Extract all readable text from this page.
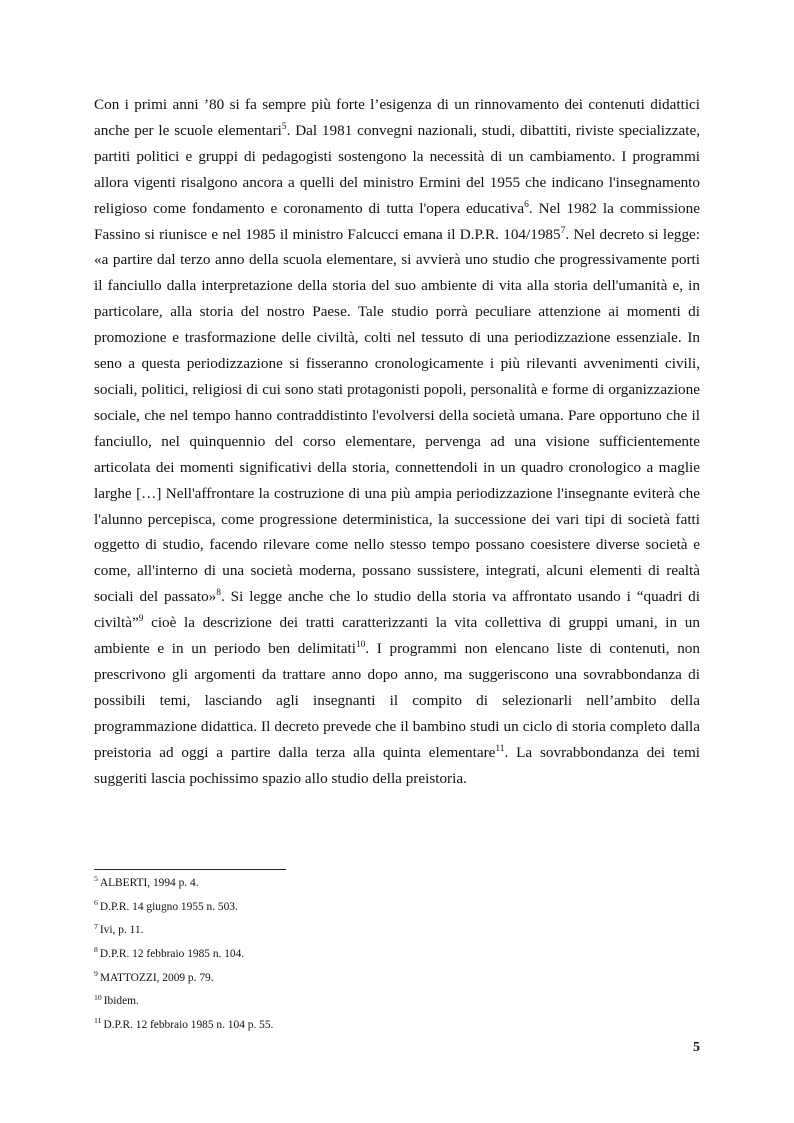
Con i primi anni ’80 si fa sempre più forte l’esigenza di un rinnovamento dei contenuti didattici anche per le scuole elementari$^5$. Dal 1981 convegni nazionali, studi, dibattiti, riviste specializzate, partiti politici e gruppi di pedagogisti sostengono la necessità di un cambiamento. I programmi allora vigenti risalgono ancora a quelli del ministro Ermini del 1955 che indicano l'insegnamento religioso come fondamento e coronamento di tutta l'opera educativa$^6$. Nel 1982 la commissione Fassino si riunisce e nel 1985 il ministro Falcucci emana il D.P.R. 104/1985$^7$. Nel decreto si legge: «a partire dal terzo anno della scuola elementare, si avvierà uno studio che progressivamente porti il fanciullo dalla interpretazione della storia del suo ambiente di vita alla storia dell'umanità e, in particolare, alla storia del nostro Paese. Tale studio porrà peculiare attenzione ai momenti di promozione e trasformazione delle civiltà, colti nel tessuto di una periodizzazione essenziale. In seno a questa periodizzazione si fisseranno cronologicamente i più rilevanti avvenimenti civili, sociali, politici, religiosi di cui sono stati protagonisti popoli, personalità e forme di organizzazione sociale, che nel tempo hanno contraddistinto l'evolversi della società umana. Pare opportuno che il fanciullo, nel quinquennio del corso elementare, pervenga ad una visione sufficientemente articolata dei momenti significativi della storia, connettendoli in un quadro cronologico a maglie larghe […] Nell'affrontare la costruzione di una più ampia periodizzazione l'insegnante eviterà che l'alunno percepisca, come progressione deterministica, la successione dei vari tipi di società fatti oggetto di studio, facendo rilevare come nello stesso tempo possano coesistere diverse società e come, all'interno di una società moderna, possano sussistere, integrati, alcuni elementi di realtà sociali del passato»$^8$. Si legge anche che lo studio della storia va affrontato usando i “quadri di civiltà”$^9$ cioè la descrizione dei tratti caratterizzanti la vita collettiva di gruppi umani, in un ambiente e in un periodo ben delimitati$^{10}$. I programmi non elencano liste di contenuti, non prescrivono gli argomenti da trattare anno dopo anno, ma suggeriscono una sovrabbondanza di possibili temi, lasciando agli insegnanti il compito di selezionarli nell’ambito della programmazione didattica. Il decreto prevede che il bambino studi un ciclo di storia completo dalla preistoria ad oggi a partire dalla terza alla quinta elementare$^{11}$. La sovrabbondanza dei temi suggeriti lascia pochissimo spazio allo studio della preistoria.

$^5$ ALBERTI, 1994 p. 4.
$^6$ D.P.R. 14 giugno 1955 n. 503.
$^7$ Ivi, p. 11.
$^8$ D.P.R. 12 febbraio 1985 n. 104.
$^9$ MATTOZZI, 2009 p. 79.
$^{10}$ Ibidem.
$^{11}$ D.P.R. 12 febbraio 1985 n. 104 p. 55.
5
